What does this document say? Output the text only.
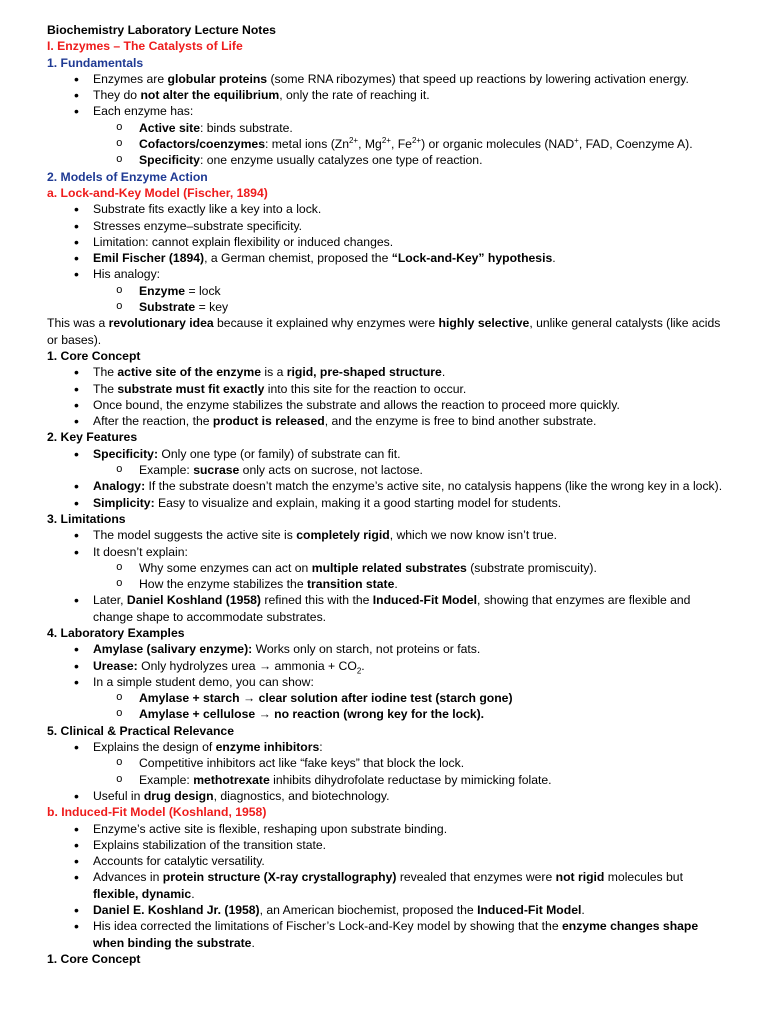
Biochemistry Laboratory Lecture Notes
I. Enzymes – The Catalysts of Life
1. Fundamentals
• Enzymes are globular proteins (some RNA ribozymes) that speed up reactions by lowering activation energy.
• They do not alter the equilibrium, only the rate of reaching it.
• Each enzyme has:
o Active site: binds substrate.
o Cofactors/coenzymes: metal ions ($Zn^{2+}$, $Mg^{2+}$, $Fe^{2+}$) or organic molecules (NAD+, FAD, Coenzyme A).
o Specificity: one enzyme usually catalyzes one type of reaction.
2. Models of Enzyme Action
a. Lock-and-Key Model (Fischer, 1894)
• Substrate fits exactly like a key into a lock.
• Stresses enzyme–substrate specificity.
• Limitation: cannot explain flexibility or induced changes.
• Emil Fischer (1894), a German chemist, proposed the “Lock-and-Key” hypothesis.
• His analogy:
o Enzyme = lock
o Substrate = key
This was a revolutionary idea because it explained why enzymes were highly selective, unlike general catalysts (like acids or bases).
1. Core Concept
• The active site of the enzyme is a rigid, pre-shaped structure.
• The substrate must fit exactly into this site for the reaction to occur.
• Once bound, the enzyme stabilizes the substrate and allows the reaction to proceed more quickly.
• After the reaction, the product is released, and the enzyme is free to bind another substrate.
2. Key Features
• Specificity: Only one type (or family) of substrate can fit.
o Example: sucrase only acts on sucrose, not lactose.
• Analogy: If the substrate doesn’t match the enzyme’s active site, no catalysis happens (like the wrong key in a lock).
• Simplicity: Easy to visualize and explain, making it a good starting model for students.
3. Limitations
• The model suggests the active site is completely rigid, which we now know isn’t true.
• It doesn’t explain:
o Why some enzymes can act on multiple related substrates (substrate promiscuity).
o How the enzyme stabilizes the transition state.
• Later, Daniel Koshland (1958) refined this with the Induced-Fit Model, showing that enzymes are flexible and change shape to accommodate substrates.
4. Laboratory Examples
• Amylase (salivary enzyme): Works only on starch, not proteins or fats.
• Urease: Only hydrolyzes urea → ammonia + $CO_2$.
• In a simple student demo, you can show:
o Amylase + starch → clear solution after iodine test (starch gone)
o Amylase + cellulose → no reaction (wrong key for the lock).
5. Clinical & Practical Relevance
• Explains the design of enzyme inhibitors:
o Competitive inhibitors act like “fake keys” that block the lock.
o Example: methotrexate inhibits dihydrofolate reductase by mimicking folate.
• Useful in drug design, diagnostics, and biotechnology.
b. Induced-Fit Model (Koshland, 1958)
• Enzyme’s active site is flexible, reshaping upon substrate binding.
• Explains stabilization of the transition state.
• Accounts for catalytic versatility.
• Advances in protein structure (X-ray crystallography) revealed that enzymes were not rigid molecules but flexible, dynamic.
• Daniel E. Koshland Jr. (1958), an American biochemist, proposed the Induced-Fit Model.
• His idea corrected the limitations of Fischer’s Lock-and-Key model by showing that the enzyme changes shape when binding the substrate.
1. Core Concept
